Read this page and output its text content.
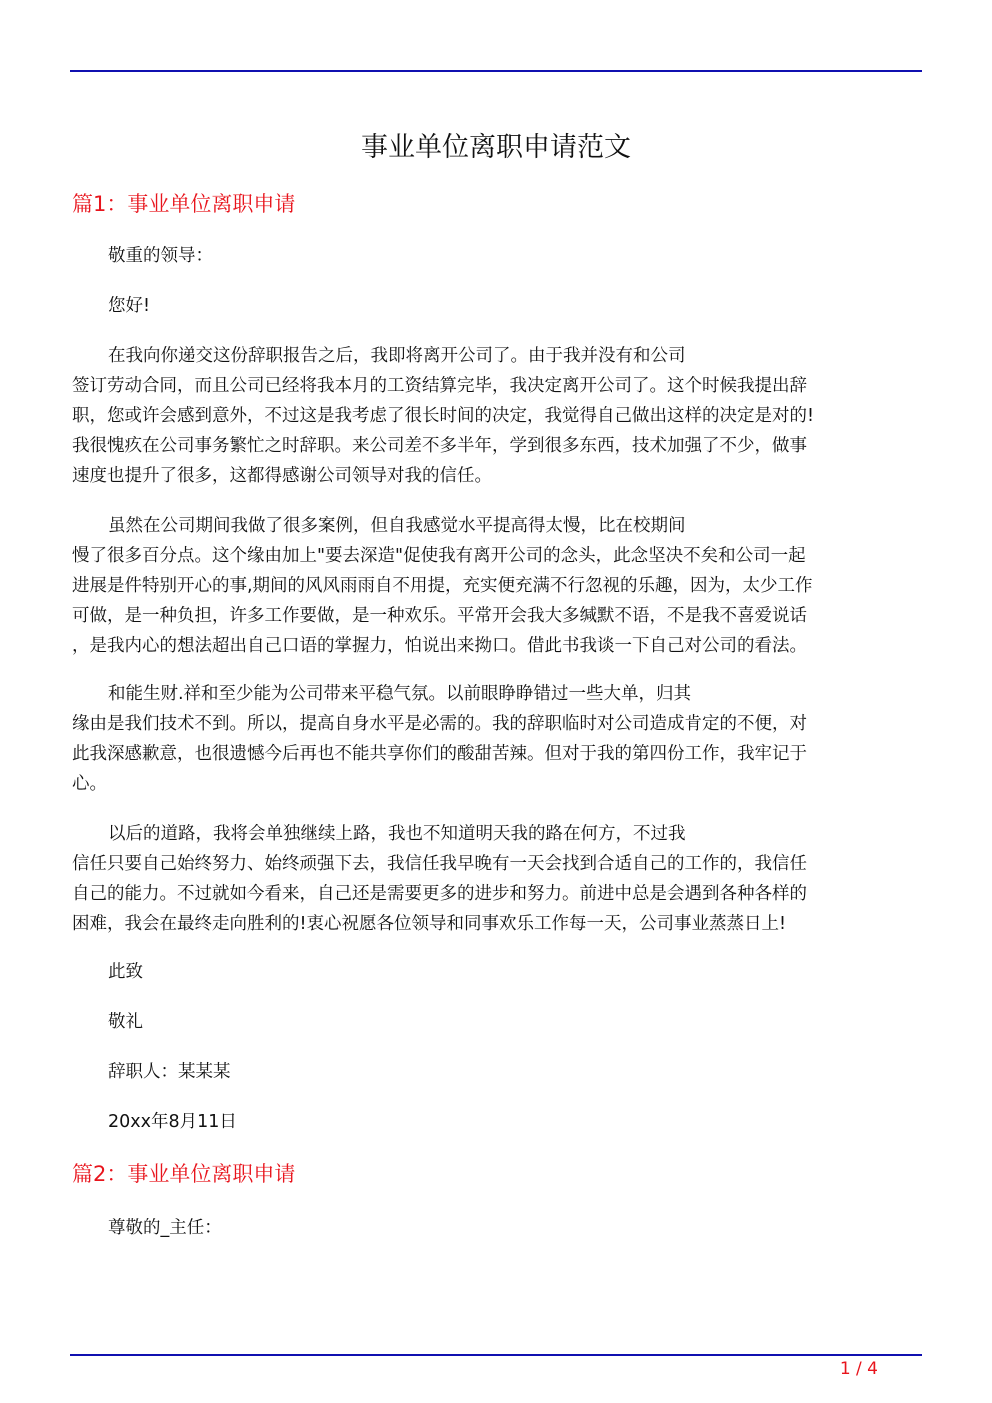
事业单位离职申请范文
篇1：事业单位离职申请
敬重的领导：
您好!
在我向你递交这份辞职报告之后，我即将离开公司了。由于我并没有和公司
签订劳动合同，而且公司已经将我本月的工资结算完毕，我决定离开公司了。这个时候我提出辞
职，您或许会感到意外，不过这是我考虑了很长时间的决定，我觉得自己做出这样的决定是对的!
我很愧疚在公司事务繁忙之时辞职。来公司差不多半年，学到很多东西，技术加强了不少，做事
速度也提升了很多，这都得感谢公司领导对我的信任。
虽然在公司期间我做了很多案例，但自我感觉水平提高得太慢，比在校期间
慢了很多百分点。这个缘由加上"要去深造"促使我有离开公司的念头，此念坚决不矣和公司一起
进展是件特别开心的事,期间的风风雨雨自不用提，充实便充满不行忽视的乐趣，因为，太少工作
可做，是一种负担，许多工作要做，是一种欢乐。平常开会我大多缄默不语，不是我不喜爱说话
，是我内心的想法超出自己口语的掌握力，怕说出来拗口。借此书我谈一下自己对公司的看法。
和能生财.祥和至少能为公司带来平稳气氛。以前眼睁睁错过一些大单，归其
缘由是我们技术不到。所以，提高自身水平是必需的。我的辞职临时对公司造成肯定的不便，对
此我深感歉意，也很遗憾今后再也不能共享你们的酸甜苦辣。但对于我的第四份工作，我牢记于
心。
以后的道路，我将会单独继续上路，我也不知道明天我的路在何方，不过我
信任只要自己始终努力、始终顽强下去，我信任我早晚有一天会找到合适自己的工作的，我信任
自己的能力。不过就如今看来，自己还是需要更多的进步和努力。前进中总是会遇到各种各样的
困难，我会在最终走向胜利的!衷心祝愿各位领导和同事欢乐工作每一天，公司事业蒸蒸日上!
此致
敬礼
辞职人：某某某
20xx年8月11日
篇2：事业单位离职申请
尊敬的_主任：
1 / 4
